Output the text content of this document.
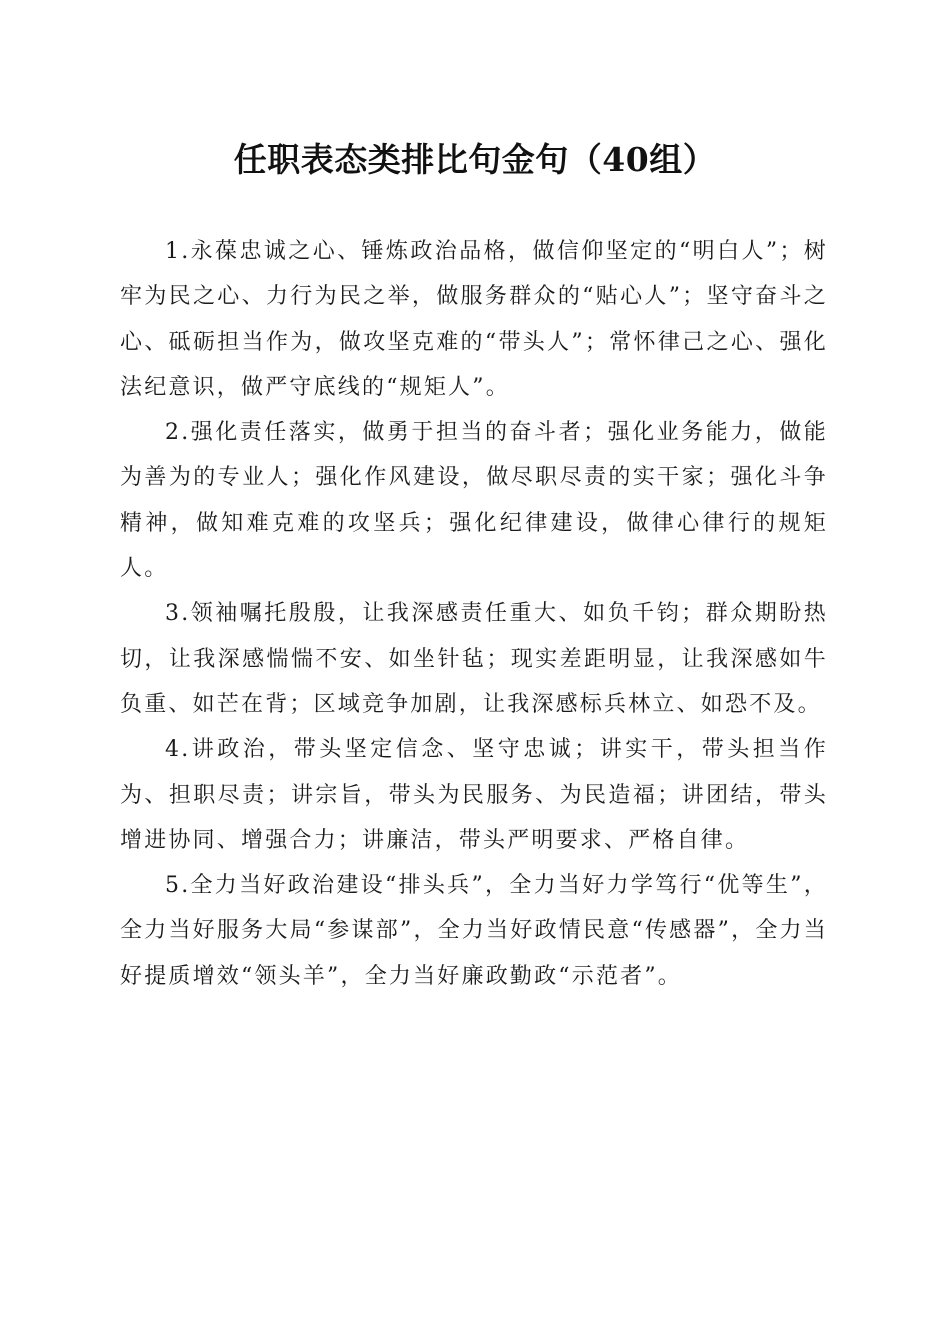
任职表态类排比句金句（40组）

1.永葆忠诚之心、锤炼政治品格，做信仰坚定的“明白人”；树牢为民之心、力行为民之举，做服务群众的“贴心人”；坚守奋斗之心、砥砺担当作为，做攻坚克难的“带头人”；常怀律己之心、强化法纪意识，做严守底线的“规矩人”。

2.强化责任落实，做勇于担当的奋斗者；强化业务能力，做能为善为的专业人；强化作风建设，做尽职尽责的实干家；强化斗争精神，做知难克难的攻坚兵；强化纪律建设，做律心律行的规矩人。

3.领袖嘱托殷殷，让我深感责任重大、如负千钧；群众期盼热切，让我深感惴惴不安、如坐针毡；现实差距明显，让我深感如牛负重、如芒在背；区域竞争加剧，让我深感标兵林立、如恐不及。

4.讲政治，带头坚定信念、坚守忠诚；讲实干，带头担当作为、担职尽责；讲宗旨，带头为民服务、为民造福；讲团结，带头增进协同、增强合力；讲廉洁，带头严明要求、严格自律。

5.全力当好政治建设“排头兵”，全力当好力学笃行“优等生”，全力当好服务大局“参谋部”，全力当好政情民意“传感器”，全力当好提质增效“领头羊”，全力当好廉政勤政“示范者”。
